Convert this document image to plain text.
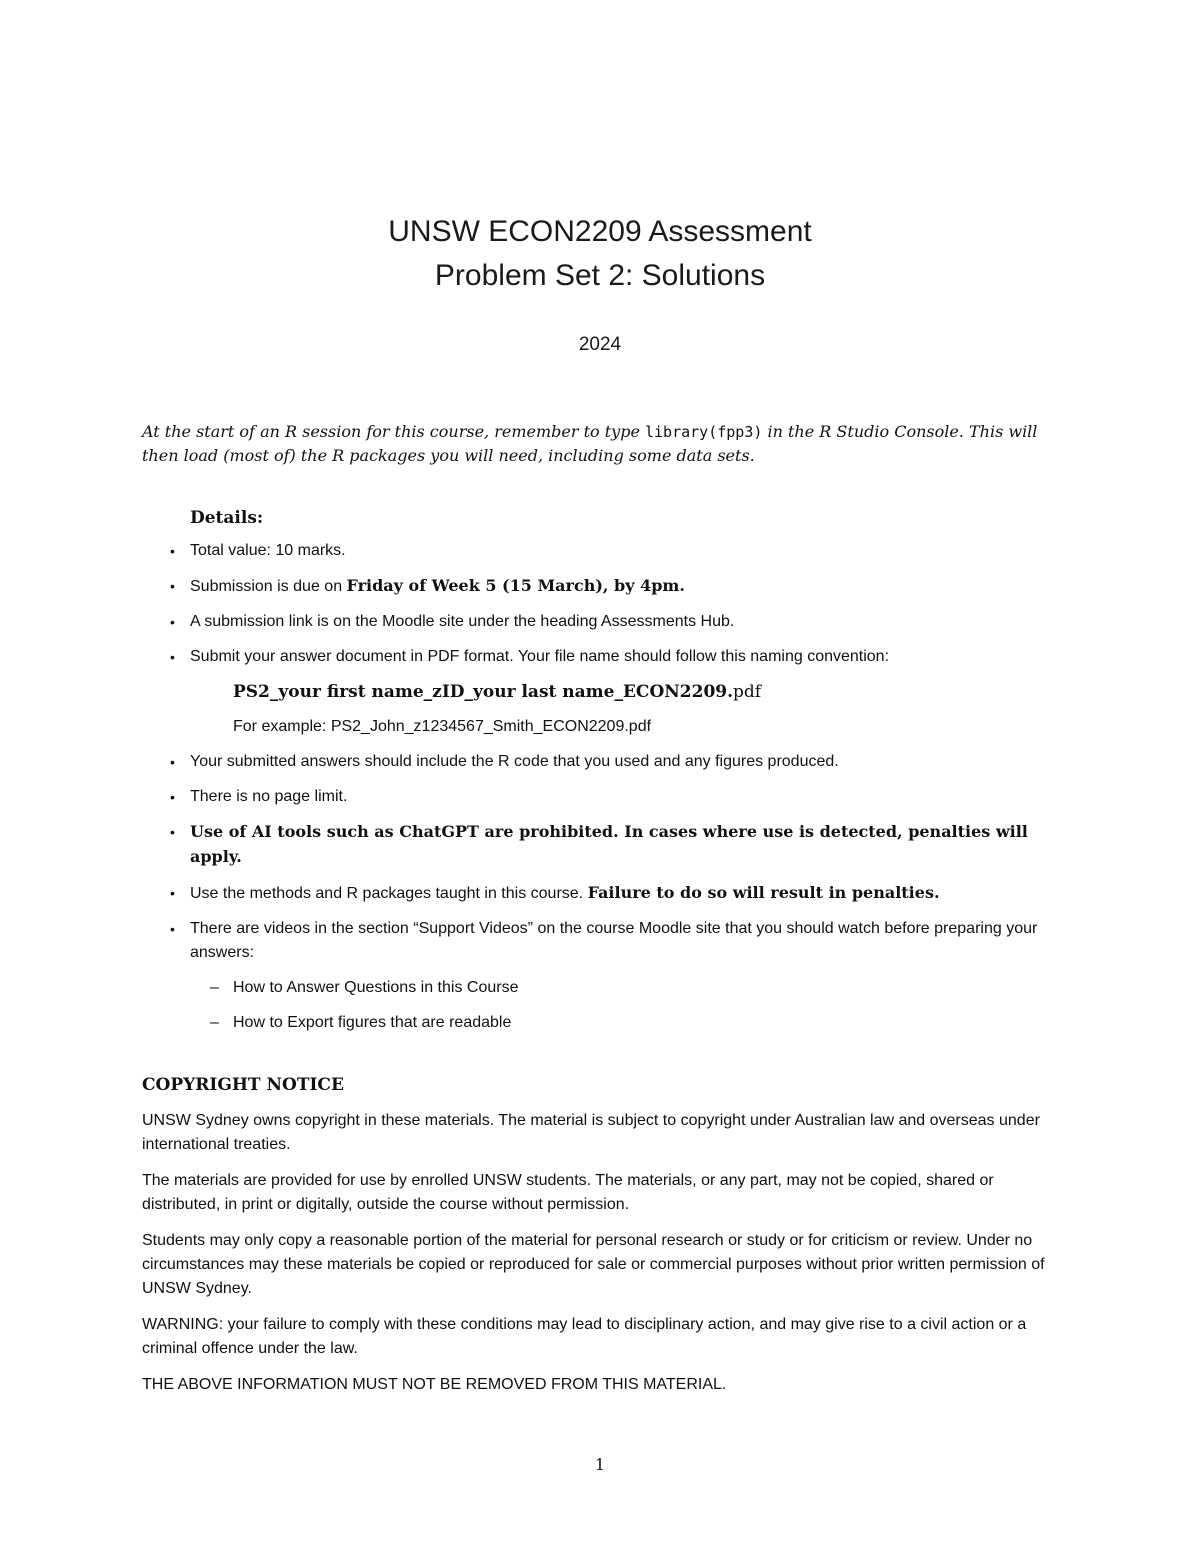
UNSW ECON2209 Assessment
Problem Set 2: Solutions
2024
At the start of an R session for this course, remember to type library(fpp3) in the R Studio Console. This will then load (most of) the R packages you will need, including some data sets.
Details:
• Total value: 10 marks.
• Submission is due on Friday of Week 5 (15 March), by 4pm.
• A submission link is on the Moodle site under the heading Assessments Hub.
• Submit your answer document in PDF format. Your file name should follow this naming convention:
PS2_your first name_zID_your last name_ECON2209.pdf
For example: PS2_John_z1234567_Smith_ECON2209.pdf
• Your submitted answers should include the R code that you used and any figures produced.
• There is no page limit.
• Use of AI tools such as ChatGPT are prohibited. In cases where use is detected, penalties will apply.
• Use the methods and R packages taught in this course. Failure to do so will result in penalties.
• There are videos in the section “Support Videos” on the course Moodle site that you should watch before preparing your answers:
– How to Answer Questions in this Course
– How to Export figures that are readable
COPYRIGHT NOTICE

UNSW Sydney owns copyright in these materials. The material is subject to copyright under Australian law and overseas under international treaties.

The materials are provided for use by enrolled UNSW students. The materials, or any part, may not be copied, shared or distributed, in print or digitally, outside the course without permission.

Students may only copy a reasonable portion of the material for personal research or study or for criticism or review. Under no circumstances may these materials be copied or reproduced for sale or commercial purposes without prior written permission of UNSW Sydney.

WARNING: your failure to comply with these conditions may lead to disciplinary action, and may give rise to a civil action or a criminal offence under the law.

THE ABOVE INFORMATION MUST NOT BE REMOVED FROM THIS MATERIAL.

1
